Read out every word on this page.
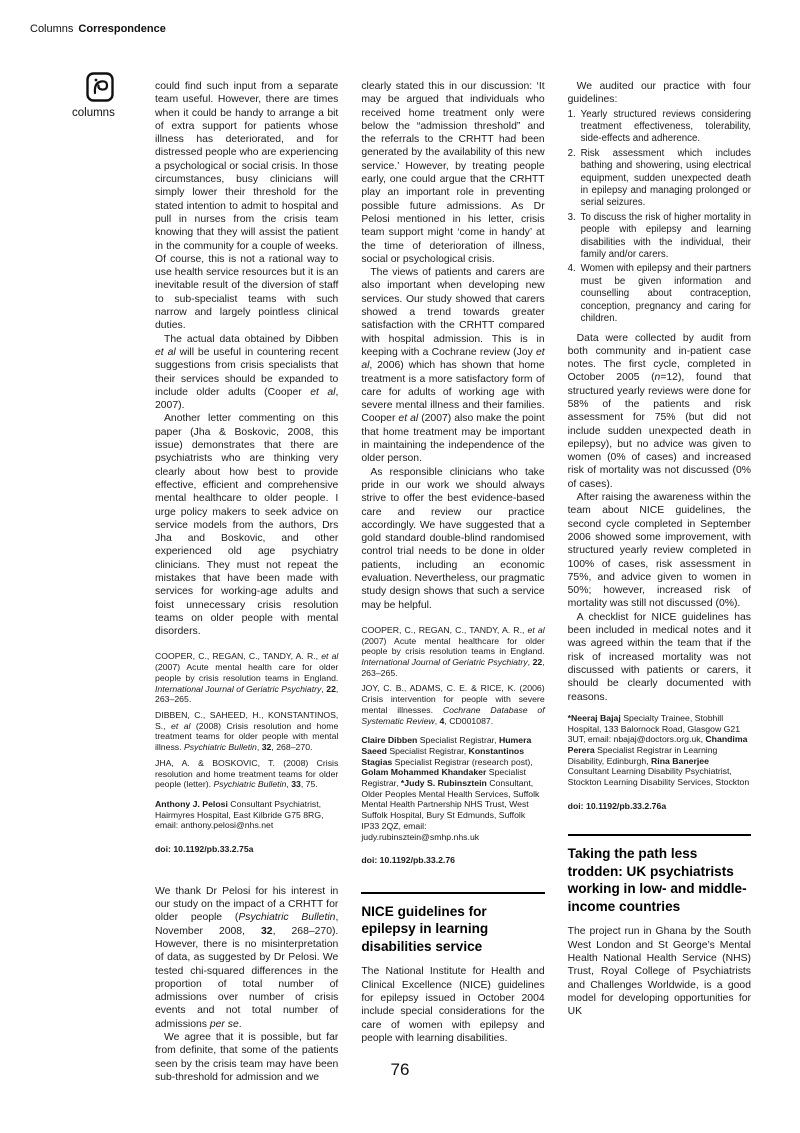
Columns Correspondence
columns

could find such input from a separate team useful. However, there are times when it could be handy to arrange a bit of extra support for patients whose illness has deteriorated, and for distressed people who are experiencing a psychological or social crisis. In those circumstances, busy clinicians will simply lower their threshold for the stated intention to admit to hospital and pull in nurses from the crisis team knowing that they will assist the patient in the community for a couple of weeks. Of course, this is not a rational way to use health service resources but it is an inevitable result of the diversion of staff to sub-specialist teams with such narrow and largely pointless clinical duties.

The actual data obtained by Dibben et al will be useful in countering recent suggestions from crisis specialists that their services should be expanded to include older adults (Cooper et al, 2007).

Another letter commenting on this paper (Jha & Boskovic, 2008, this issue) demonstrates that there are psychiatrists who are thinking very clearly about how best to provide effective, efficient and comprehensive mental healthcare to older people. I urge policy makers to seek advice on service models from the authors, Drs Jha and Boskovic, and other experienced old age psychiatry clinicians. They must not repeat the mistakes that have been made with services for working-age adults and foist unnecessary crisis resolution teams on older people with mental disorders.

COOPER, C., REGAN, C., TANDY, A. R., et al (2007) Acute mental health care for older people by crisis resolution teams in England. International Journal of Geriatric Psychiatry, 22, 263–265.

DIBBEN, C., SAHEED, H., KONSTANTINOS, S., et al (2008) Crisis resolution and home treatment teams for older people with mental illness. Psychiatric Bulletin, 32, 268–270.

JHA, A. & BOSKOVIC, T. (2008) Crisis resolution and home treatment teams for older people (letter). Psychiatric Bulletin, 33, 75.

Anthony J. Pelosi Consultant Psychiatrist, Hairmyres Hospital, East Kilbride G75 8RG, email: anthony.pelosi@nhs.net

doi: 10.1192/pb.33.2.75a

We thank Dr Pelosi for his interest in our study on the impact of a CRHTT for older people (Psychiatric Bulletin, November 2008, 32, 268–270). However, there is no misinterpretation of data, as suggested by Dr Pelosi. We tested chi-squared differences in the proportion of total number of admissions over number of crisis events and not total number of admissions per se.

We agree that it is possible, but far from definite, that some of the patients seen by the crisis team may have been sub-threshold for admission and we

clearly stated this in our discussion: ‘It may be argued that individuals who received home treatment only were below the “admission threshold” and the referrals to the CRHTT had been generated by the availability of this new service.’ However, by treating people early, one could argue that the CRHTT play an important role in preventing possible future admissions. As Dr Pelosi mentioned in his letter, crisis team support might ‘come in handy’ at the time of deterioration of illness, social or psychological crisis.

The views of patients and carers are also important when developing new services. Our study showed that carers showed a trend towards greater satisfaction with the CRHTT compared with hospital admission. This is in keeping with a Cochrane review (Joy et al, 2006) which has shown that home treatment is a more satisfactory form of care for adults of working age with severe mental illness and their families. Cooper et al (2007) also make the point that home treatment may be important in maintaining the independence of the older person.

As responsible clinicians who take pride in our work we should always strive to offer the best evidence-based care and review our practice accordingly. We have suggested that a gold standard double-blind randomised control trial needs to be done in older patients, including an economic evaluation. Nevertheless, our pragmatic study design shows that such a service may be helpful.

COOPER, C., REGAN, C., TANDY, A. R., et al (2007) Acute mental healthcare for older people by crisis resolution teams in England. International Journal of Geriatric Psychiatry, 22, 263–265.

JOY, C. B., ADAMS, C. E. & RICE, K. (2006) Crisis intervention for people with severe mental illnesses. Cochrane Database of Systematic Review, 4, CD001087.

Claire Dibben Specialist Registrar, Humera Saeed Specialist Registrar, Konstantinos Stagias Specialist Registrar (research post), Golam Mohammed Khandaker Specialist Registrar, *Judy S. Rubinsztein Consultant, Older Peoples Mental Health Services, Suffolk Mental Health Partnership NHS Trust, West Suffolk Hospital, Bury St Edmunds, Suffolk IP33 2QZ, email: judy.rubinsztein@smhp.nhs.uk

doi: 10.1192/pb.33.2.76

NICE guidelines for epilepsy in learning disabilities service

The National Institute for Health and Clinical Excellence (NICE) guidelines for epilepsy issued in October 2004 include special considerations for the care of women with epilepsy and people with learning disabilities.

We audited our practice with four guidelines:

1. Yearly structured reviews considering treatment effectiveness, tolerability, side-effects and adherence.
2. Risk assessment which includes bathing and showering, using electrical equipment, sudden unexpected death in epilepsy and managing prolonged or serial seizures.
3. To discuss the risk of higher mortality in people with epilepsy and learning disabilities with the individual, their family and/or carers.
4. Women with epilepsy and their partners must be given information and counselling about contraception, conception, pregnancy and caring for children.

Data were collected by audit from both community and in-patient case notes. The first cycle, completed in October 2005 (n=12), found that structured yearly reviews were done for 58% of the patients and risk assessment for 75% (but did not include sudden unexpected death in epilepsy), but no advice was given to women (0% of cases) and increased risk of mortality was not discussed (0% of cases).

After raising the awareness within the team about NICE guidelines, the second cycle completed in September 2006 showed some improvement, with structured yearly review completed in 100% of cases, risk assessment in 75%, and advice given to women in 50%; however, increased risk of mortality was still not discussed (0%).

A checklist for NICE guidelines has been included in medical notes and it was agreed within the team that if the risk of increased mortality was not discussed with patients or carers, it should be clearly documented with reasons.

*Neeraj Bajaj Specialty Trainee, Stobhill Hospital, 133 Balornock Road, Glasgow G21 3UT, email: nbajaj@doctors.org.uk, Chandima Perera Specialist Registrar in Learning Disability, Edinburgh, Rina Banerjee Consultant Learning Disability Psychiatrist, Stockton Learning Disability Services, Stockton

doi: 10.1192/pb.33.2.76a

Taking the path less trodden: UK psychiatrists working in low- and middle-income countries

The project run in Ghana by the South West London and St George’s Mental Health National Health Service (NHS) Trust, Royal College of Psychiatrists and Challenges Worldwide, is a good model for developing opportunities for UK

76
